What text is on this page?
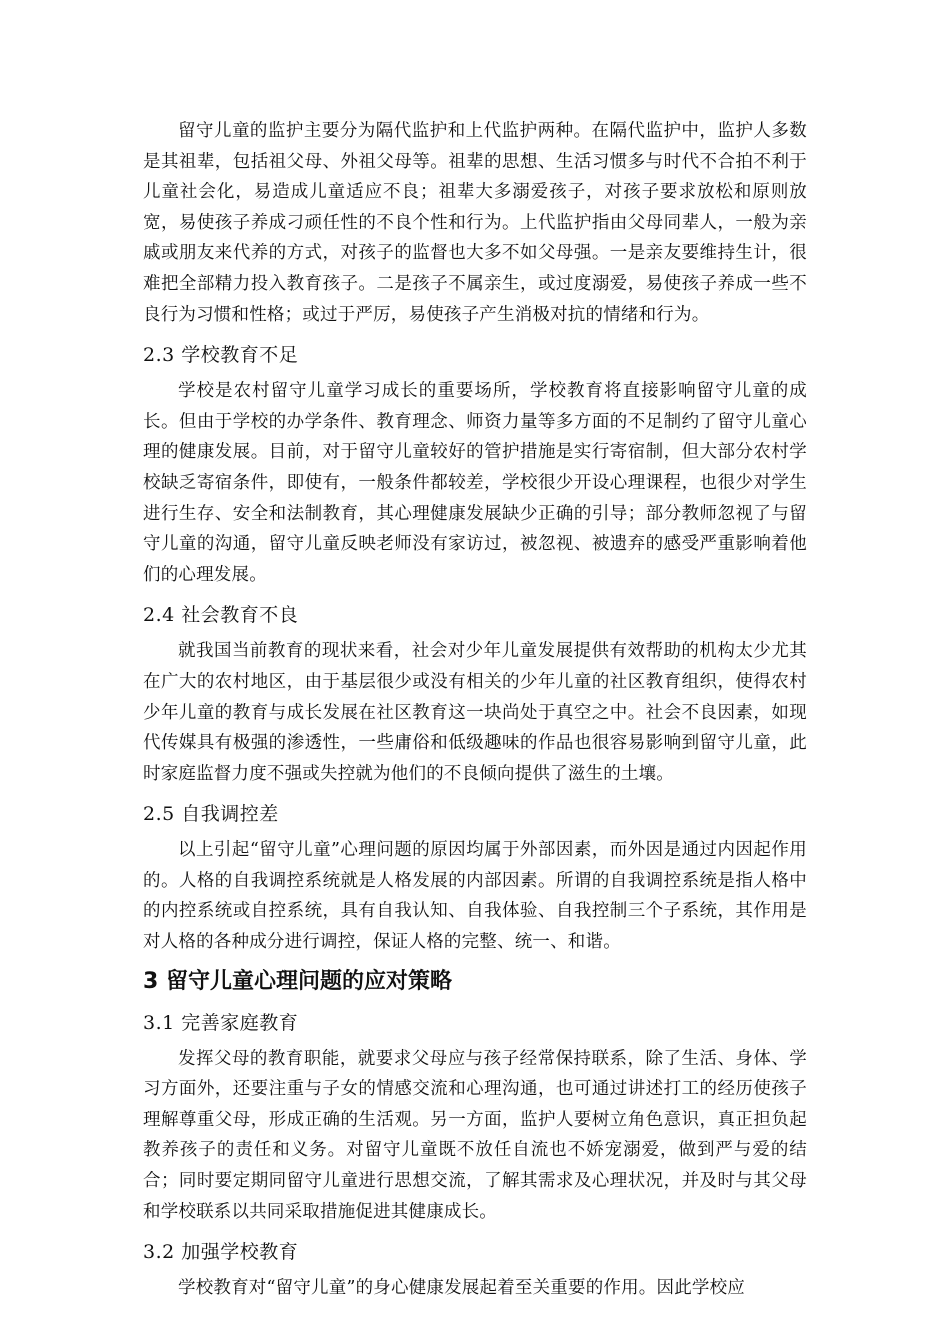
留守儿童的监护主要分为隔代监护和上代监护两种。在隔代监护中，监护人多数是其祖辈，包括祖父母、外祖父母等。祖辈的思想、生活习惯多与时代不合拍不利于儿童社会化，易造成儿童适应不良；祖辈大多溺爱孩子，对孩子要求放松和原则放宽，易使孩子养成刁顽任性的不良个性和行为。上代监护指由父母同辈人，一般为亲戚或朋友来代养的方式，对孩子的监督也大多不如父母强。一是亲友要维持生计，很难把全部精力投入教育孩子。二是孩子不属亲生，或过度溺爱，易使孩子养成一些不良行为习惯和性格；或过于严厉，易使孩子产生消极对抗的情绪和行为。

2.3 学校教育不足

学校是农村留守儿童学习成长的重要场所，学校教育将直接影响留守儿童的成长。但由于学校的办学条件、教育理念、师资力量等多方面的不足制约了留守儿童心理的健康发展。目前，对于留守儿童较好的管护措施是实行寄宿制，但大部分农村学校缺乏寄宿条件，即使有，一般条件都较差，学校很少开设心理课程，也很少对学生进行生存、安全和法制教育，其心理健康发展缺少正确的引导；部分教师忽视了与留守儿童的沟通，留守儿童反映老师没有家访过，被忽视、被遗弃的感受严重影响着他们的心理发展。

2.4 社会教育不良

就我国当前教育的现状来看，社会对少年儿童发展提供有效帮助的机构太少尤其在广大的农村地区，由于基层很少或没有相关的少年儿童的社区教育组织，使得农村少年儿童的教育与成长发展在社区教育这一块尚处于真空之中。社会不良因素，如现代传媒具有极强的渗透性，一些庸俗和低级趣味的作品也很容易影响到留守儿童，此时家庭监督力度不强或失控就为他们的不良倾向提供了滋生的土壤。

2.5 自我调控差

以上引起“留守儿童”心理问题的原因均属于外部因素，而外因是通过内因起作用的。人格的自我调控系统就是人格发展的内部因素。所谓的自我调控系统是指人格中的内控系统或自控系统，具有自我认知、自我体验、自我控制三个子系统，其作用是对人格的各种成分进行调控，保证人格的完整、统一、和谐。

3 留守儿童心理问题的应对策略
3.1 完善家庭教育

发挥父母的教育职能，就要求父母应与孩子经常保持联系，除了生活、身体、学习方面外，还要注重与子女的情感交流和心理沟通，也可通过讲述打工的经历使孩子理解尊重父母，形成正确的生活观。另一方面，监护人要树立角色意识，真正担负起教养孩子的责任和义务。对留守儿童既不放任自流也不娇宠溺爱，做到严与爱的结合；同时要定期同留守儿童进行思想交流，了解其需求及心理状况，并及时与其父母和学校联系以共同采取措施促进其健康成长。

3.2 加强学校教育

学校教育对“留守儿童”的身心健康发展起着至关重要的作用。因此学校应
